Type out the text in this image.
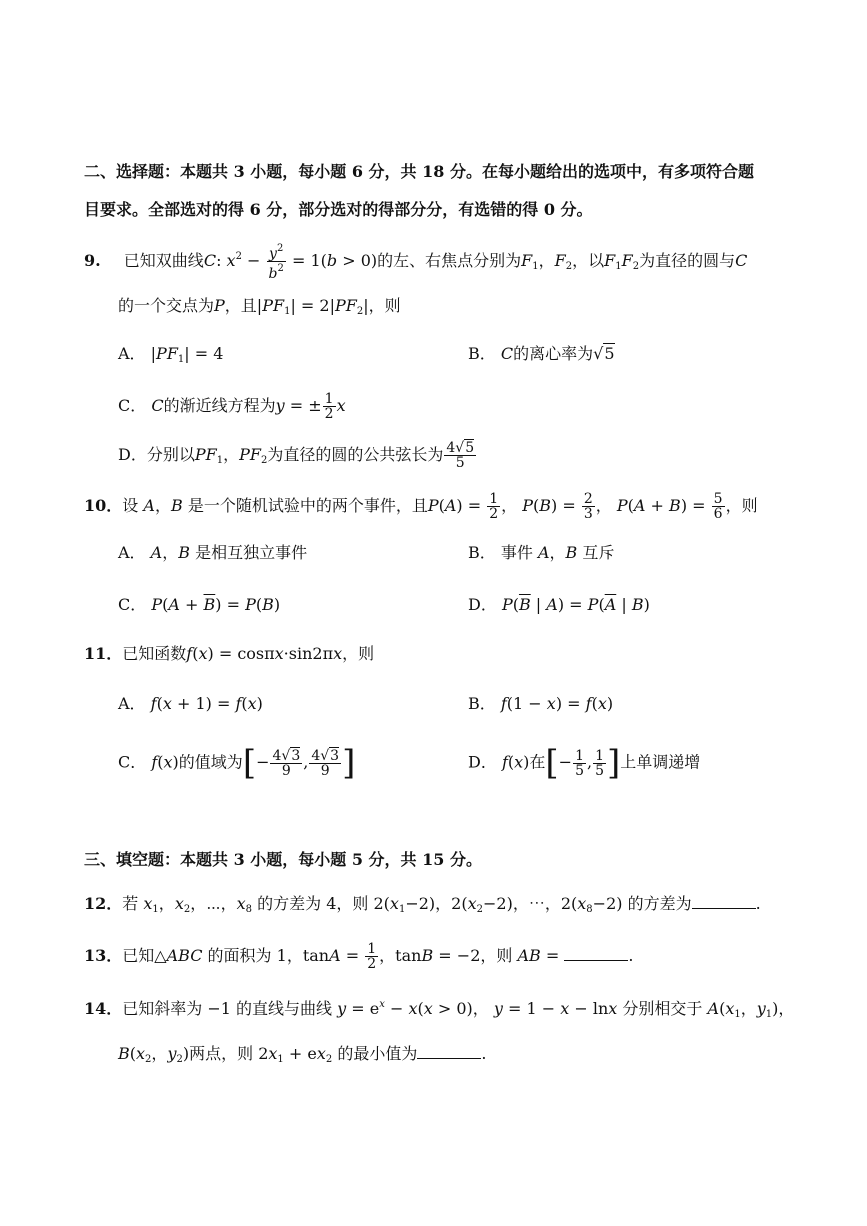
二、选择题：本题共 3 小题，每小题 6 分，共 18 分。在每小题给出的选项中，有多项符合题
目要求。全部选对的得 6 分，部分选对的得部分分，有选错的得 0 分。
9. 已知双曲线C: $x^2 - \frac{y^2}{b^2} = 1(b > 0)$的左、右焦点分别为$F_1$，$F_2$，以$F_1F_2$为直径的圆与C
的一个交点为P，且$|PF_1| = 2|PF_2|$，则
A． $|PF_1| = 4$	B． C的离心率为√5
C． C的渐近线方程为y = ± $\frac{1}{2}$ x
D．分别以$PF_1$，$PF_2$为直径的圆的公共弦长为 $\frac{4√5}{5}$
10．设 A，B 是一个随机试验中的两个事件，且$P(A) = \frac{1}{2}$ ， $P(B) = \frac{2}{3}$ ， $P(A + B) = \frac{5}{6}$ ，则
A． A，B 是相互独立事件	B． 事件 A，B 互斥
C． $P(A + \overline{B}) = P(B)$	D． $P(\overline{B}$ | $A) = P(\overline{A}$ | B)
11．已知函数f(x) = cosπx·sin2πx，则
A． f(x + 1) = f(x)	B． f(1 − x) = f(x)
C． f(x)的值域为[− $\frac{4√3}{9}$ , $\frac{4√3}{9}$ ]	D． f(x)在[− $\frac{1}{5}$ , $\frac{1}{5}$ ]上单调递增
三、填空题：本题共 3 小题，每小题 5 分，共 15 分。
12．若 $x_1$，$x_2$，⋯，$x_8$ 的方差为 4，则 $2(x_1-2)$，$2(x_2-2)$，⋯，$2(x_8-2)$ 的方差为	.
13．已知△ABC 的面积为 1，$\tan A = \frac{1}{2}$ ，tanB = −2，则 AB =	.
14．已知斜率为 −1 的直线与曲线 $y = e^x - x(x > 0)$， y = 1 − x − lnx 分别相交于 $A(x_1$，$y_1$)，
$B(x_2$，$y_2$)两点，则 $2x_1 + ex_2$ 的最小值为	.
